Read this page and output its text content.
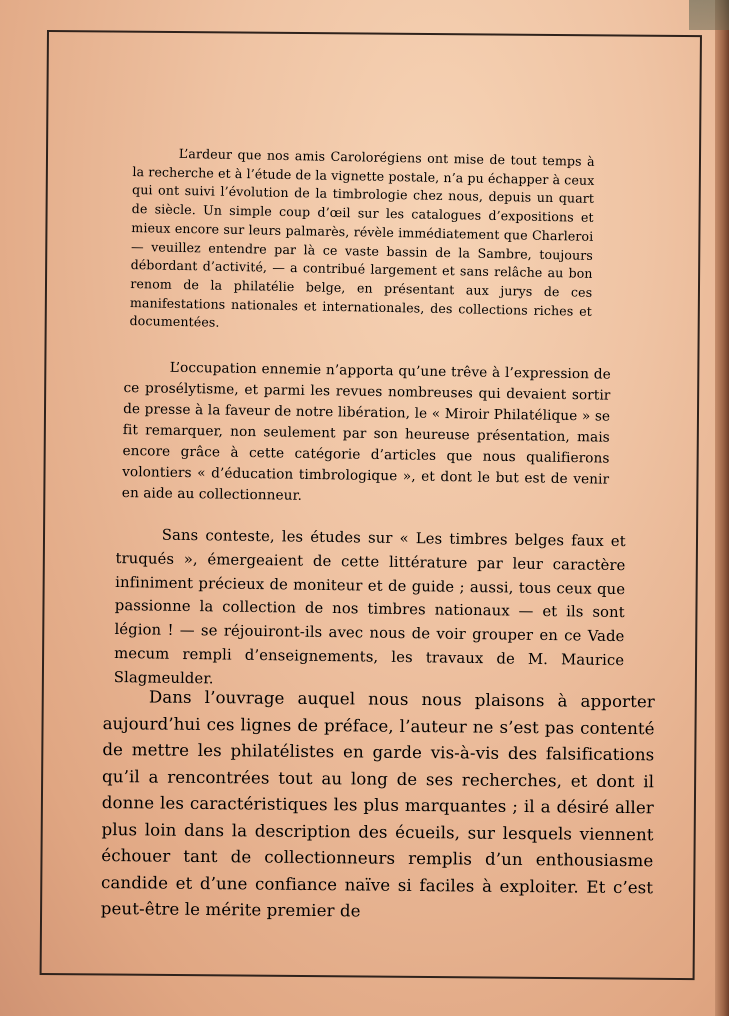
L’ardeur que nos amis Carolorégiens ont mise de tout temps à la recherche et à l’étude de la vignette postale, n’a pu échapper à ceux qui ont suivi l’évolution de la timbrologie chez nous, depuis un quart de siècle. Un simple coup d’œil sur les catalogues d’expositions et mieux encore sur leurs palmarès, révèle immédiatement que Charleroi — veuillez entendre par là ce vaste bassin de la Sambre, toujours débordant d’activité, — a contribué largement et sans relâche au bon renom de la philatélie belge, en présentant aux jurys de ces manifestations nationales et internationales, des collections riches et documentées.

L’occupation ennemie n’apporta qu’une trêve à l’expression de ce prosélytisme, et parmi les revues nombreuses qui devaient sortir de presse à la faveur de notre libération, le « Miroir Philatélique » se fit remarquer, non seulement par son heureuse présentation, mais encore grâce à cette catégorie d’articles que nous qualifierons volontiers « d’éducation timbrologique », et dont le but est de venir en aide au collectionneur.

Sans conteste, les études sur « Les timbres belges faux et truqués », émergeaient de cette littérature par leur caractère infiniment précieux de moniteur et de guide ; aussi, tous ceux que passionne la collection de nos timbres nationaux — et ils sont légion ! — se réjouiront-ils avec nous de voir grouper en ce Vade mecum rempli d’enseignements, les travaux de M. Maurice Slagmeulder.

Dans l’ouvrage auquel nous nous plaisons à apporter aujourd’hui ces lignes de préface, l’auteur ne s’est pas contenté de mettre les philatélistes en garde vis-à-vis des falsifications qu’il a rencontrées tout au long de ses recherches, et dont il donne les caractéristiques les plus marquantes ; il a désiré aller plus loin dans la description des écueils, sur lesquels viennent échouer tant de collectionneurs remplis d’un enthousiasme candide et d’une confiance naïve si faciles à exploiter. Et c’est peut-être le mérite premier de
